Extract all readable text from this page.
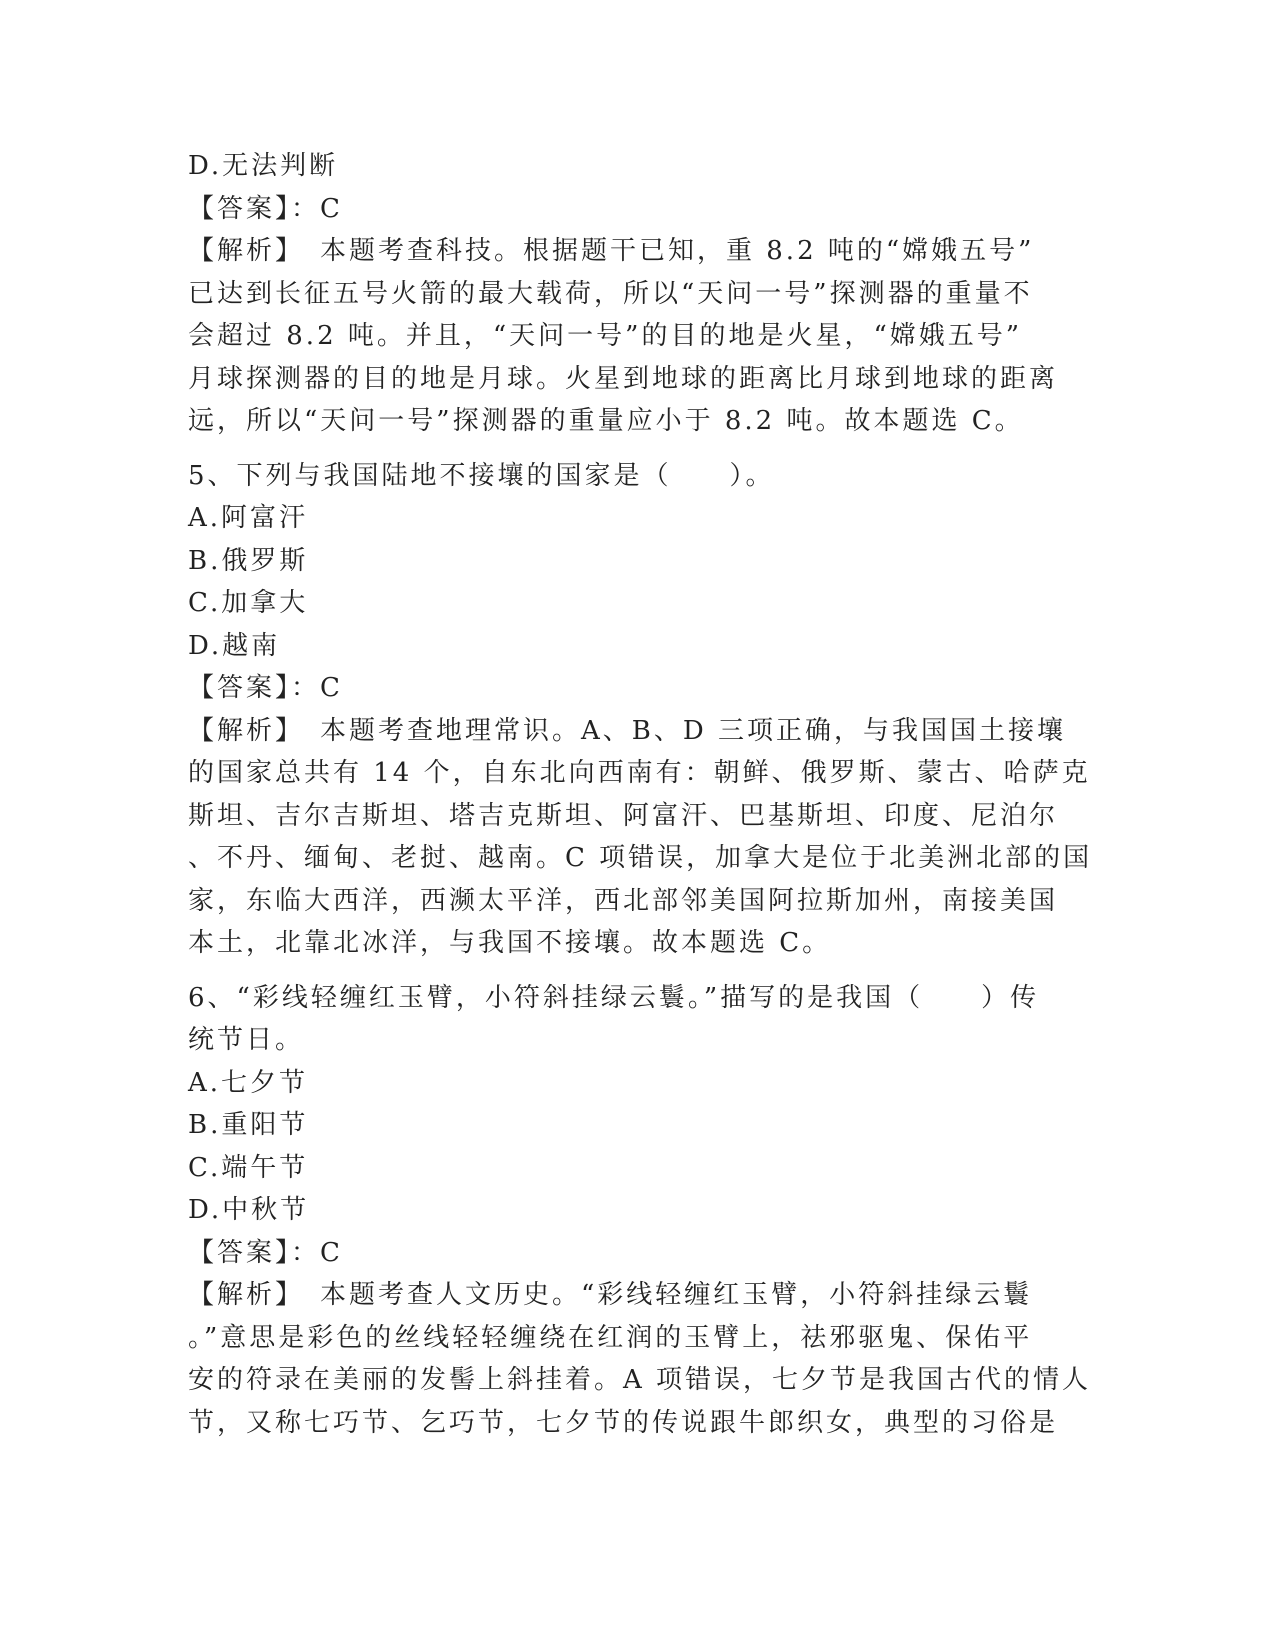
D.无法判断
【答案】：C
【解析】　本题考查科技。根据题干已知，重 8.2 吨的“嫦娥五号”
已达到长征五号火箭的最大载荷，所以“天问一号”探测器的重量不
会超过 8.2 吨。并且，“天问一号”的目的地是火星，“嫦娥五号”
月球探测器的目的地是月球。火星到地球的距离比月球到地球的距离
远，所以“天问一号”探测器的重量应小于 8.2 吨。故本题选 C。
5、下列与我国陆地不接壤的国家是（　　）。
A.阿富汗
B.俄罗斯
C.加拿大
D.越南
【答案】：C
【解析】　本题考查地理常识。A、B、D 三项正确，与我国国土接壤
的国家总共有 14 个，自东北向西南有：朝鲜、俄罗斯、蒙古、哈萨克
斯坦、吉尔吉斯坦、塔吉克斯坦、阿富汗、巴基斯坦、印度、尼泊尔
、不丹、缅甸、老挝、越南。C 项错误，加拿大是位于北美洲北部的国
家，东临大西洋，西濒太平洋，西北部邻美国阿拉斯加州，南接美国
本土，北靠北冰洋，与我国不接壤。故本题选 C。
6、“彩线轻缠红玉臂，小符斜挂绿云鬟。”描写的是我国（　　）传
统节日。
A.七夕节
B.重阳节
C.端午节
D.中秋节
【答案】：C
【解析】　本题考查人文历史。“彩线轻缠红玉臂，小符斜挂绿云鬟
。”意思是彩色的丝线轻轻缠绕在红润的玉臂上，祛邪驱鬼、保佑平
安的符录在美丽的发髻上斜挂着。A 项错误，七夕节是我国古代的情人
节，又称七巧节、乞巧节，七夕节的传说跟牛郎织女，典型的习俗是
